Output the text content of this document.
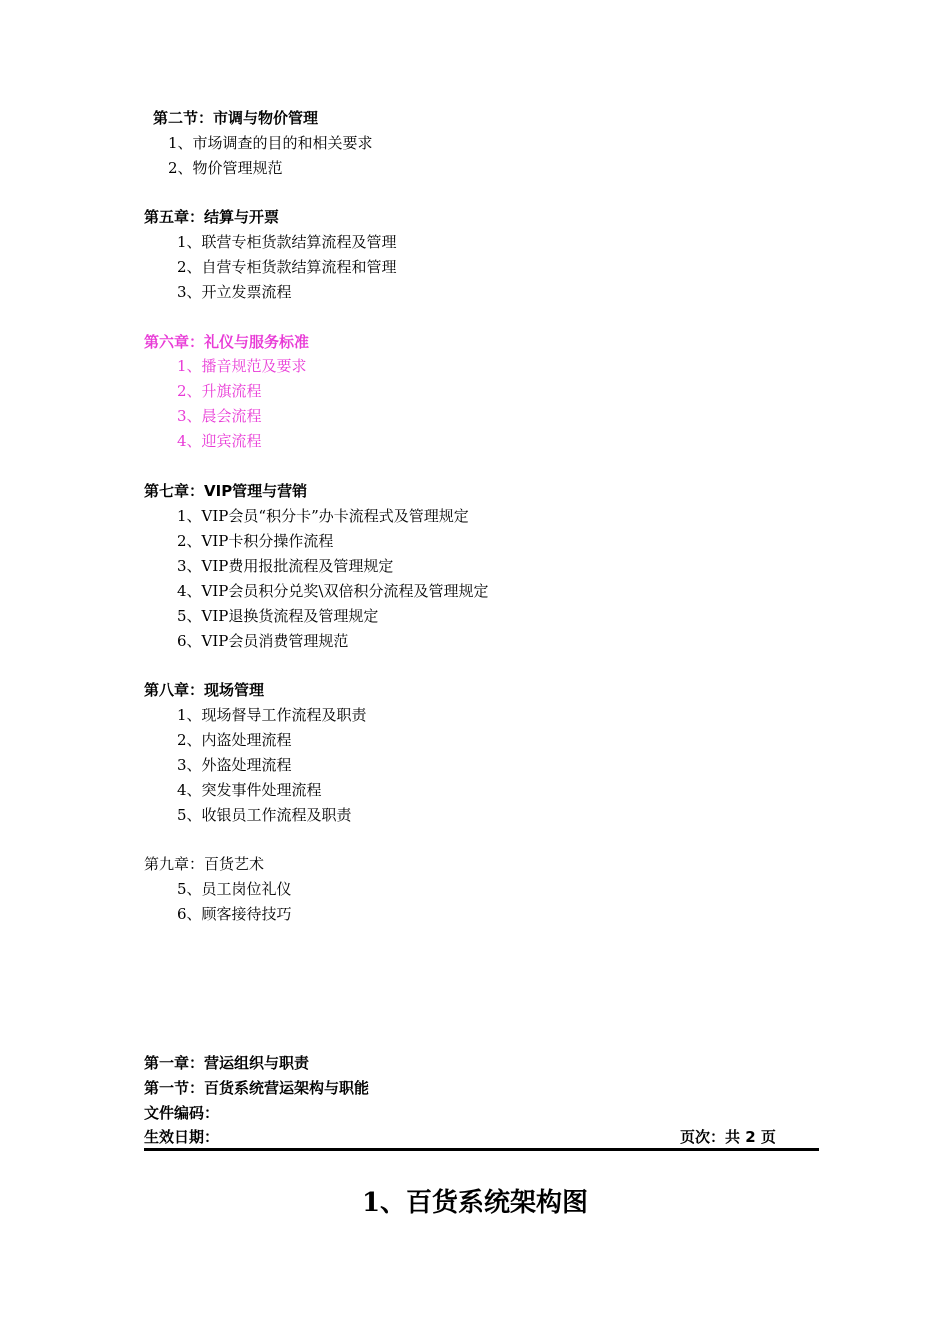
第二节：市调与物价管理
1、市场调查的目的和相关要求
2、物价管理规范
第五章：结算与开票
1、联营专柜货款结算流程及管理
2、自营专柜货款结算流程和管理
3、开立发票流程
第六章：礼仪与服务标准
1、播音规范及要求
2、升旗流程
3、晨会流程
4、迎宾流程
第七章：VIP管理与营销
1、VIP会员“积分卡”办卡流程式及管理规定
2、VIP卡积分操作流程
3、VIP费用报批流程及管理规定
4、VIP会员积分兑奖\双倍积分流程及管理规定
5、VIP退换货流程及管理规定
6、VIP会员消费管理规范
第八章：现场管理
1、现场督导工作流程及职责
2、内盗处理流程
3、外盗处理流程
4、突发事件处理流程
5、收银员工作流程及职责
第九章：百货艺术
5、员工岗位礼仪
6、顾客接待技巧
第一章：营运组织与职责
第一节：百货系统营运架构与职能
文件编码：
生效日期：	页次：共 2 页
1、百货系统架构图
